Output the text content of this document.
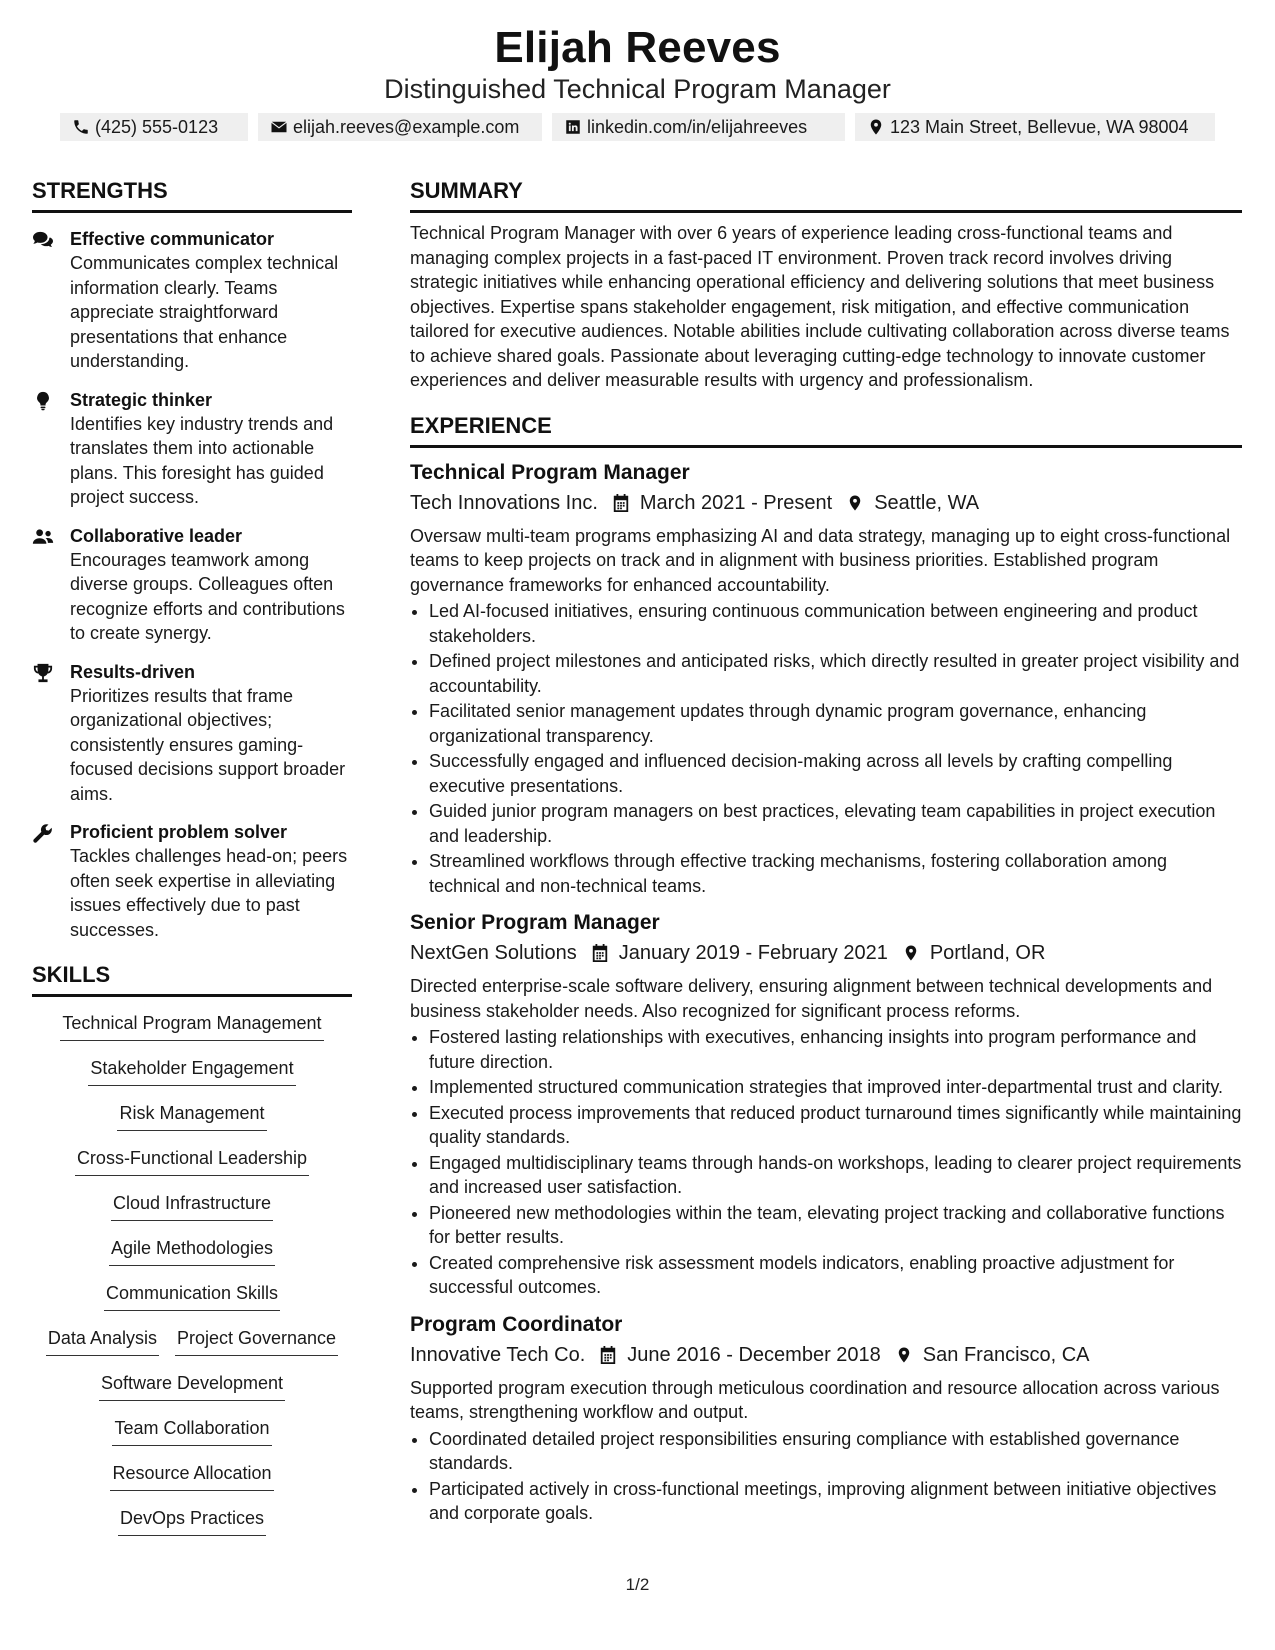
Elijah Reeves
Distinguished Technical Program Manager
(425) 555-0123	elijah.reeves@example.com	linkedin.com/in/elijahreeves	123 Main Street, Bellevue, WA 98004
STRENGTHS
Effective communicator
Communicates complex technical information clearly. Teams appreciate straightforward presentations that enhance understanding.
Strategic thinker
Identifies key industry trends and translates them into actionable plans. This foresight has guided project success.
Collaborative leader
Encourages teamwork among diverse groups. Colleagues often recognize efforts and contributions to create synergy.
Results-driven
Prioritizes results that frame organizational objectives; consistently ensures gaming-focused decisions support broader aims.
Proficient problem solver
Tackles challenges head-on; peers often seek expertise in alleviating issues effectively due to past successes.
SKILLS
Technical Program Management
Stakeholder Engagement
Risk Management
Cross-Functional Leadership
Cloud Infrastructure
Agile Methodologies
Communication Skills
Data Analysis Project Governance
Software Development
Team Collaboration
Resource Allocation
DevOps Practices
SUMMARY

Technical Program Manager with over 6 years of experience leading cross-functional teams and managing complex projects in a fast-paced IT environment. Proven track record involves driving strategic initiatives while enhancing operational efficiency and delivering solutions that meet business objectives. Expertise spans stakeholder engagement, risk mitigation, and effective communication tailored for executive audiences. Notable abilities include cultivating collaboration across diverse teams to achieve shared goals. Passionate about leveraging cutting-edge technology to innovate customer experiences and deliver measurable results with urgency and professionalism.

EXPERIENCE
Technical Program Manager
Tech Innovations Inc. March 2021 - Present Seattle, WA
Oversaw multi-team programs emphasizing AI and data strategy, managing up to eight cross-functional teams to keep projects on track and in alignment with business priorities. Established program governance frameworks for enhanced accountability.
• Led AI-focused initiatives, ensuring continuous communication between engineering and product stakeholders.
• Defined project milestones and anticipated risks, which directly resulted in greater project visibility and accountability.
• Facilitated senior management updates through dynamic program governance, enhancing organizational transparency.
• Successfully engaged and influenced decision-making across all levels by crafting compelling executive presentations.
• Guided junior program managers on best practices, elevating team capabilities in project execution and leadership.
• Streamlined workflows through effective tracking mechanisms, fostering collaboration among technical and non-technical teams.
Senior Program Manager
NextGen Solutions January 2019 - February 2021 Portland, OR
Directed enterprise-scale software delivery, ensuring alignment between technical developments and business stakeholder needs. Also recognized for significant process reforms.
• Fostered lasting relationships with executives, enhancing insights into program performance and future direction.
• Implemented structured communication strategies that improved inter-departmental trust and clarity.
• Executed process improvements that reduced product turnaround times significantly while maintaining quality standards.
• Engaged multidisciplinary teams through hands-on workshops, leading to clearer project requirements and increased user satisfaction.
• Pioneered new methodologies within the team, elevating project tracking and collaborative functions for better results.
• Created comprehensive risk assessment models indicators, enabling proactive adjustment for successful outcomes.
Program Coordinator
Innovative Tech Co. June 2016 - December 2018 San Francisco, CA
Supported program execution through meticulous coordination and resource allocation across various teams, strengthening workflow and output.
• Coordinated detailed project responsibilities ensuring compliance with established governance standards.
• Participated actively in cross-functional meetings, improving alignment between initiative objectives and corporate goals.
1/2
